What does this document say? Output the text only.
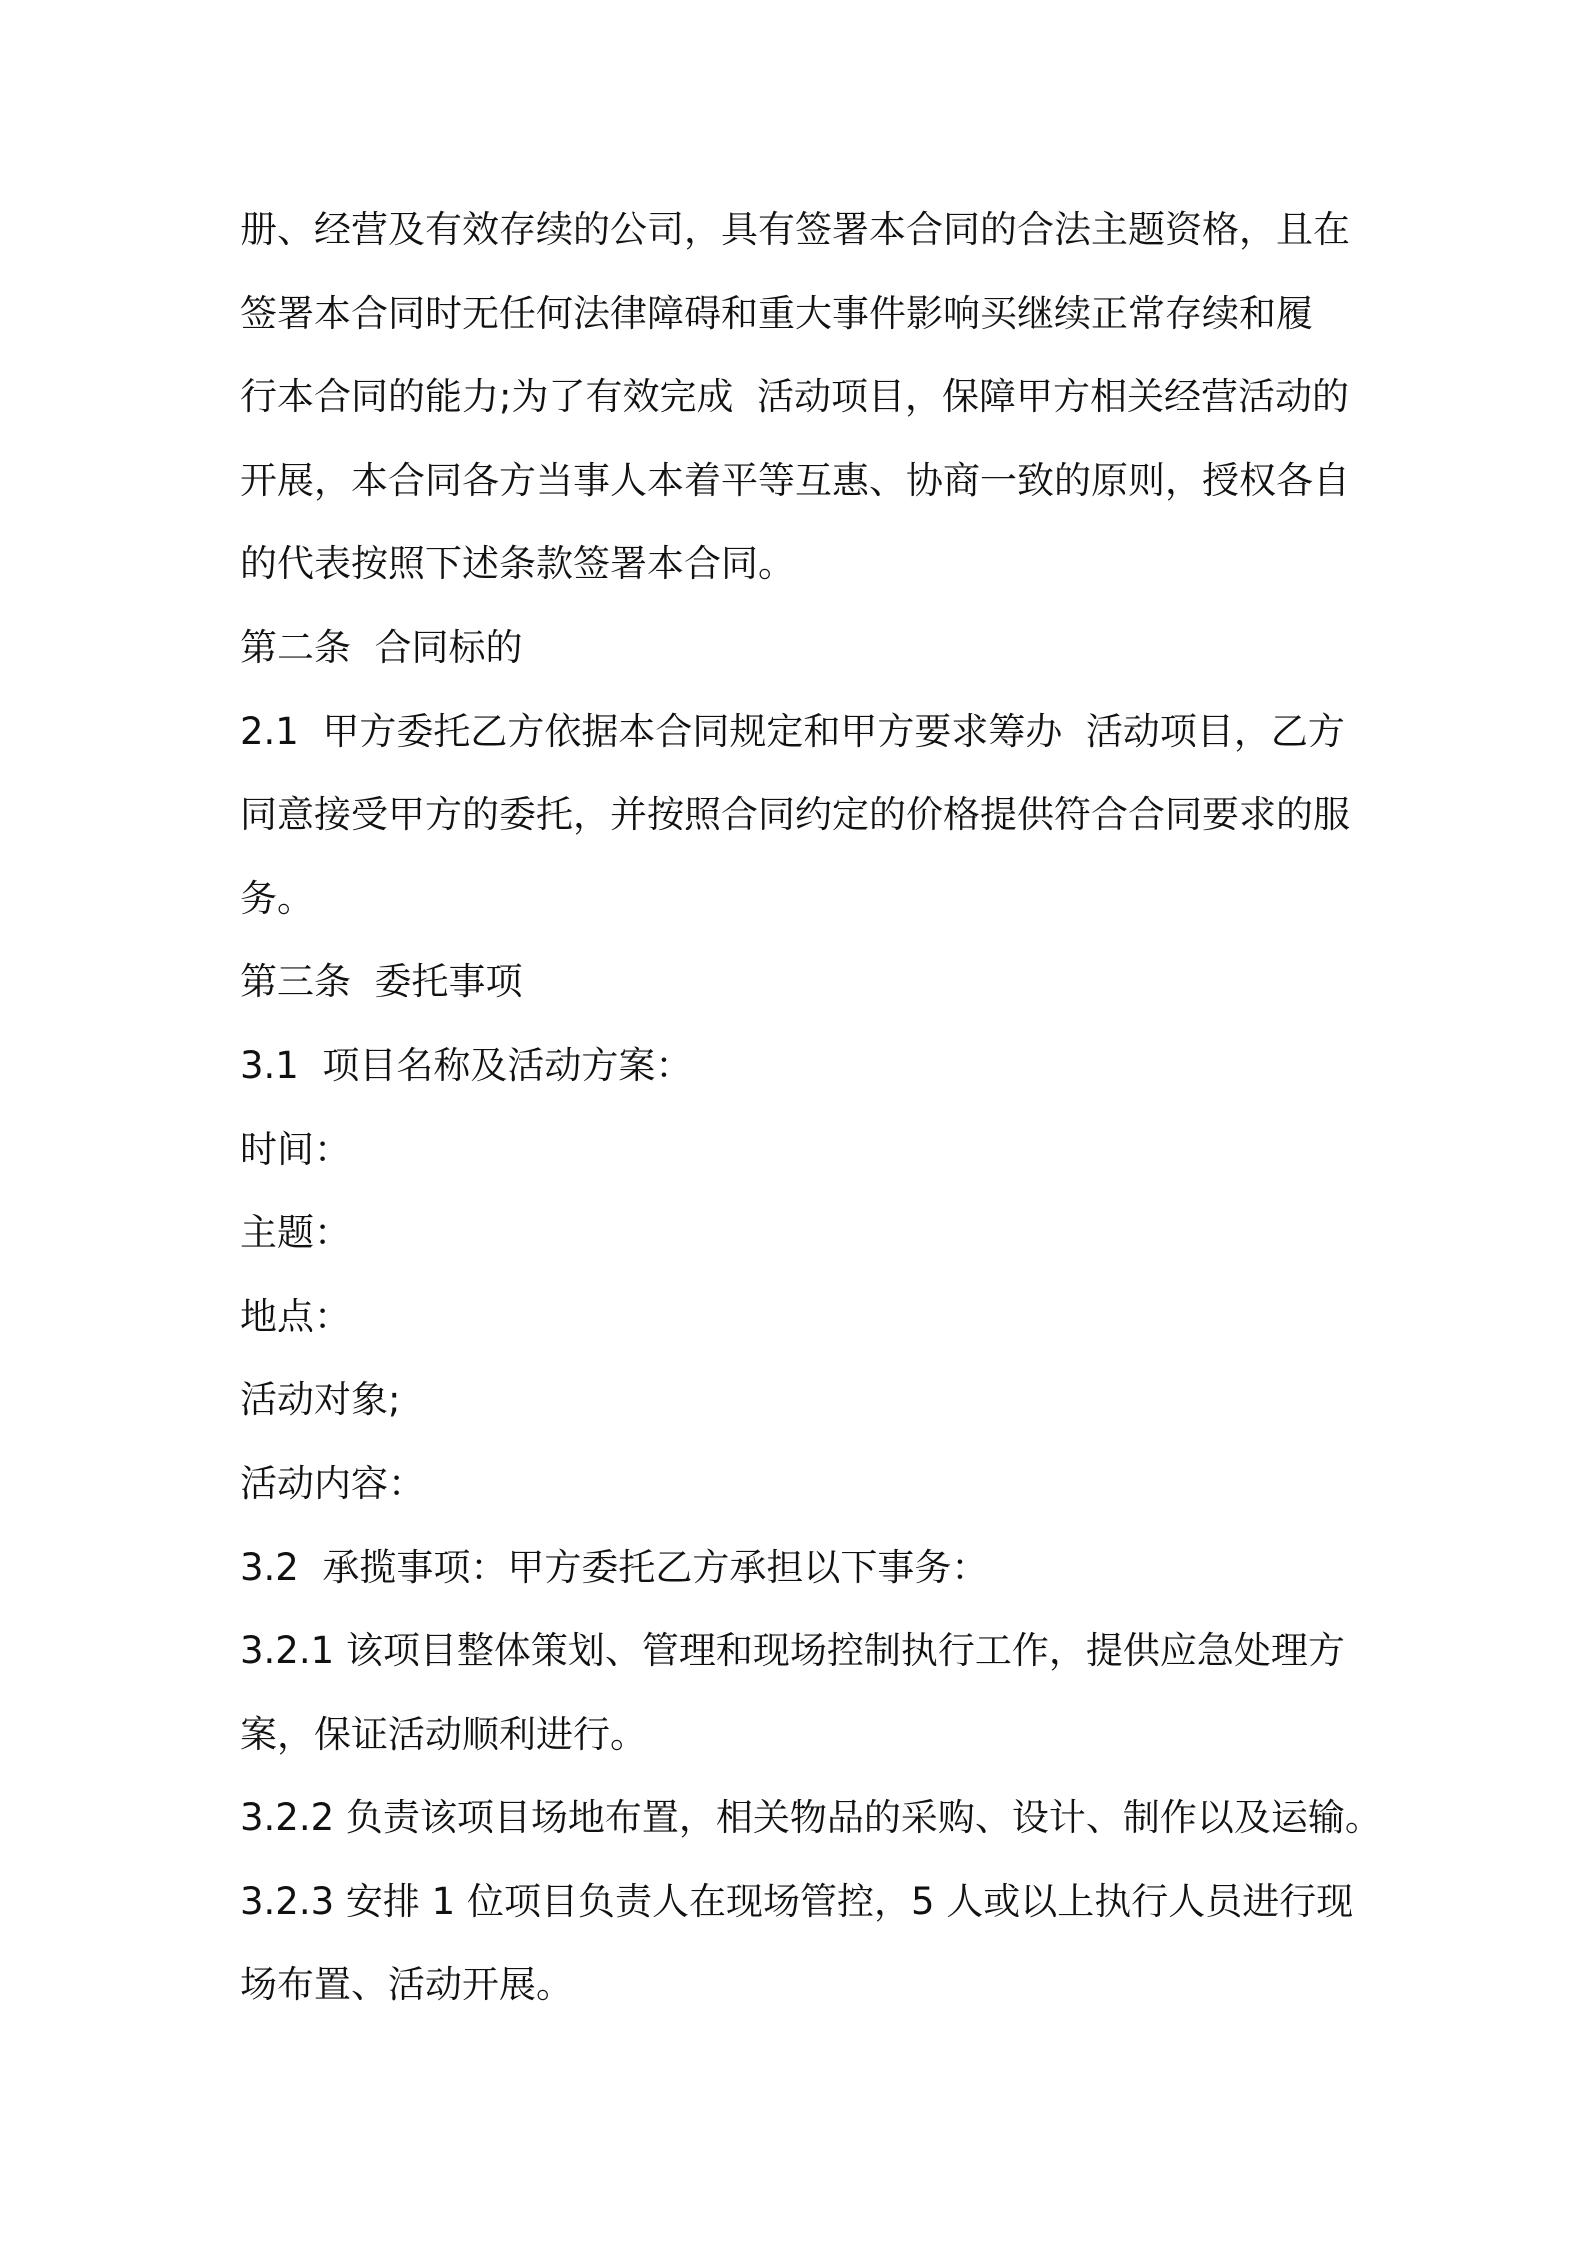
册、经营及有效存续的公司，具有签署本合同的合法主题资格，且在
签署本合同时无任何法律障碍和重大事件影响买继续正常存续和履
行本合同的能力;为了有效完成  活动项目，保障甲方相关经营活动的
开展，本合同各方当事人本着平等互惠、协商一致的原则，授权各自
的代表按照下述条款签署本合同。
第二条  合同标的
2.1  甲方委托乙方依据本合同规定和甲方要求筹办  活动项目，乙方
同意接受甲方的委托，并按照合同约定的价格提供符合合同要求的服
务。
第三条  委托事项
3.1  项目名称及活动方案：
时间：
主题：
地点：
活动对象;
活动内容：
3.2  承揽事项：甲方委托乙方承担以下事务：
3.2.1 该项目整体策划、管理和现场控制执行工作，提供应急处理方
案，保证活动顺利进行。
3.2.2 负责该项目场地布置，相关物品的采购、设计、制作以及运输。
3.2.3 安排 1 位项目负责人在现场管控，5 人或以上执行人员进行现
场布置、活动开展。
